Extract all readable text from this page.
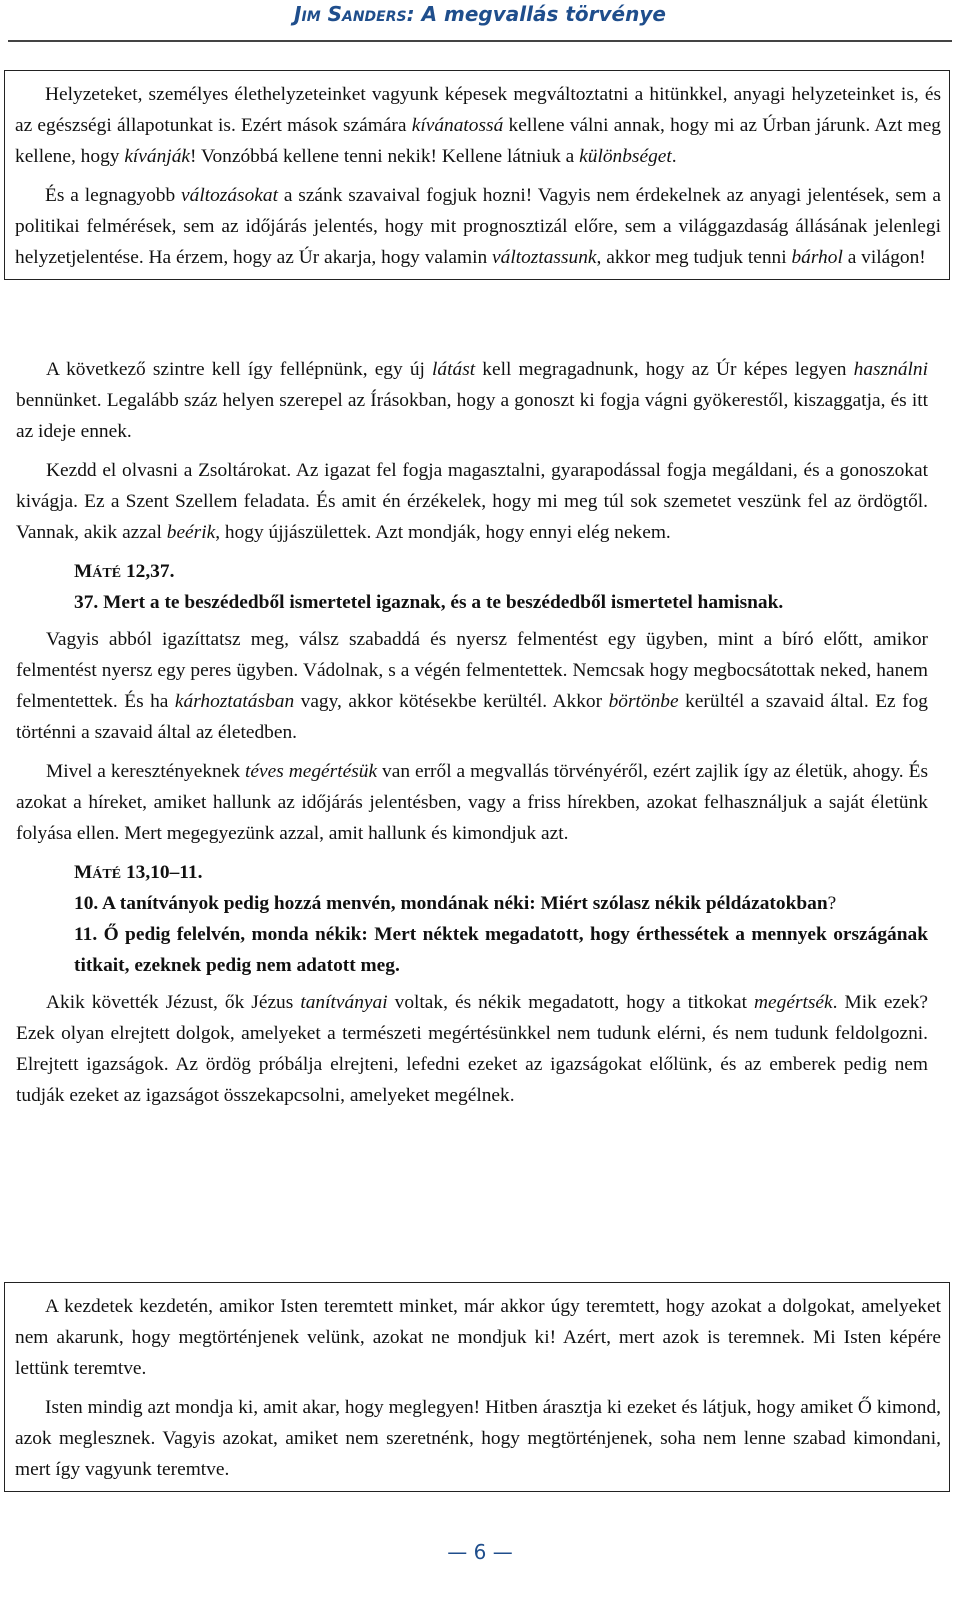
Jim Sanders: A megvallás törvénye

Helyzeteket, személyes élethelyzeteinket vagyunk képesek megváltoztatni a hitünkkel, anyagi helyzeteinket is, és az egészségi állapotunkat is. Ezért mások számára kívánatossá kellene válni annak, hogy mi az Úrban járunk. Azt meg kellene, hogy kívánják! Vonzóbbá kellene tenni nekik! Kellene látniuk a különbséget.

És a legnagyobb változásokat a szánk szavaival fogjuk hozni! Vagyis nem érdekelnek az anyagi jelentések, sem a politikai felmérések, sem az időjárás jelentés, hogy mit prognosztizál előre, sem a világgazdaság állásának jelenlegi helyzetjelentése. Ha érzem, hogy az Úr akarja, hogy valamin változtassunk, akkor meg tudjuk tenni bárhol a világon!

A következő szintre kell így fellépnünk, egy új látást kell megragadnunk, hogy az Úr képes legyen használni bennünket. Legalább száz helyen szerepel az Írásokban, hogy a gonoszt ki fogja vágni gyökerestől, kiszaggatja, és itt az ideje ennek.

Kezdd el olvasni a Zsoltárokat. Az igazat fel fogja magasztalni, gyarapodással fogja megáldani, és a gonoszokat kivágja. Ez a Szent Szellem feladata. És amit én érzékelek, hogy mi meg túl sok szemetet veszünk fel az ördögtől. Vannak, akik azzal beérik, hogy újjászülettek. Azt mondják, hogy ennyi elég nekem.

Máté 12,37.
37. Mert a te beszédedből ismertetel igaznak, és a te beszédedből ismertetel hamisnak.

Vagyis abból igazíttatsz meg, válsz szabaddá és nyersz felmentést egy ügyben, mint a bíró előtt, amikor felmentést nyersz egy peres ügyben. Vádolnak, s a végén felmentettek. Nemcsak hogy megbocsátottak neked, hanem felmentettek. És ha kárhoztatásban vagy, akkor kötésekbe kerültél. Akkor börtönbe kerültél a szavaid által. Ez fog történni a szavaid által az életedben.

Mivel a keresztényeknek téves megértésük van erről a megvallás törvényéről, ezért zajlik így az életük, ahogy. És azokat a híreket, amiket hallunk az időjárás jelentésben, vagy a friss hírekben, azokat felhasználjuk a saját életünk folyása ellen. Mert megegyezünk azzal, amit hallunk és kimondjuk azt.

Máté 13,10–11.
10. A tanítványok pedig hozzá menvén, mondának néki: Miért szólasz nékik példázatokban?
11. Ő pedig felelvén, monda nékik: Mert néktek megadatott, hogy érthessétek a mennyek országának titkait, ezeknek pedig nem adatott meg.

Akik követték Jézust, ők Jézus tanítványai voltak, és nékik megadatott, hogy a titkokat megértsék. Mik ezek? Ezek olyan elrejtett dolgok, amelyeket a természeti megértésünkkel nem tudunk elérni, és nem tudunk feldolgozni. Elrejtett igazságok. Az ördög próbálja elrejteni, lefedni ezeket az igazságokat előlünk, és az emberek pedig nem tudják ezeket az igazságot összekapcsolni, amelyeket megélnek.

A kezdetek kezdetén, amikor Isten teremtett minket, már akkor úgy teremtett, hogy azokat a dolgokat, amelyeket nem akarunk, hogy megtörténjenek velünk, azokat ne mondjuk ki! Azért, mert azok is teremnek. Mi Isten képére lettünk teremtve.

Isten mindig azt mondja ki, amit akar, hogy meglegyen! Hitben árasztja ki ezeket és látjuk, hogy amiket Ő kimond, azok meglesznek. Vagyis azokat, amiket nem szeretnénk, hogy megtörténjenek, soha nem lenne szabad kimondani, mert így vagyunk teremtve.

— 6 —
